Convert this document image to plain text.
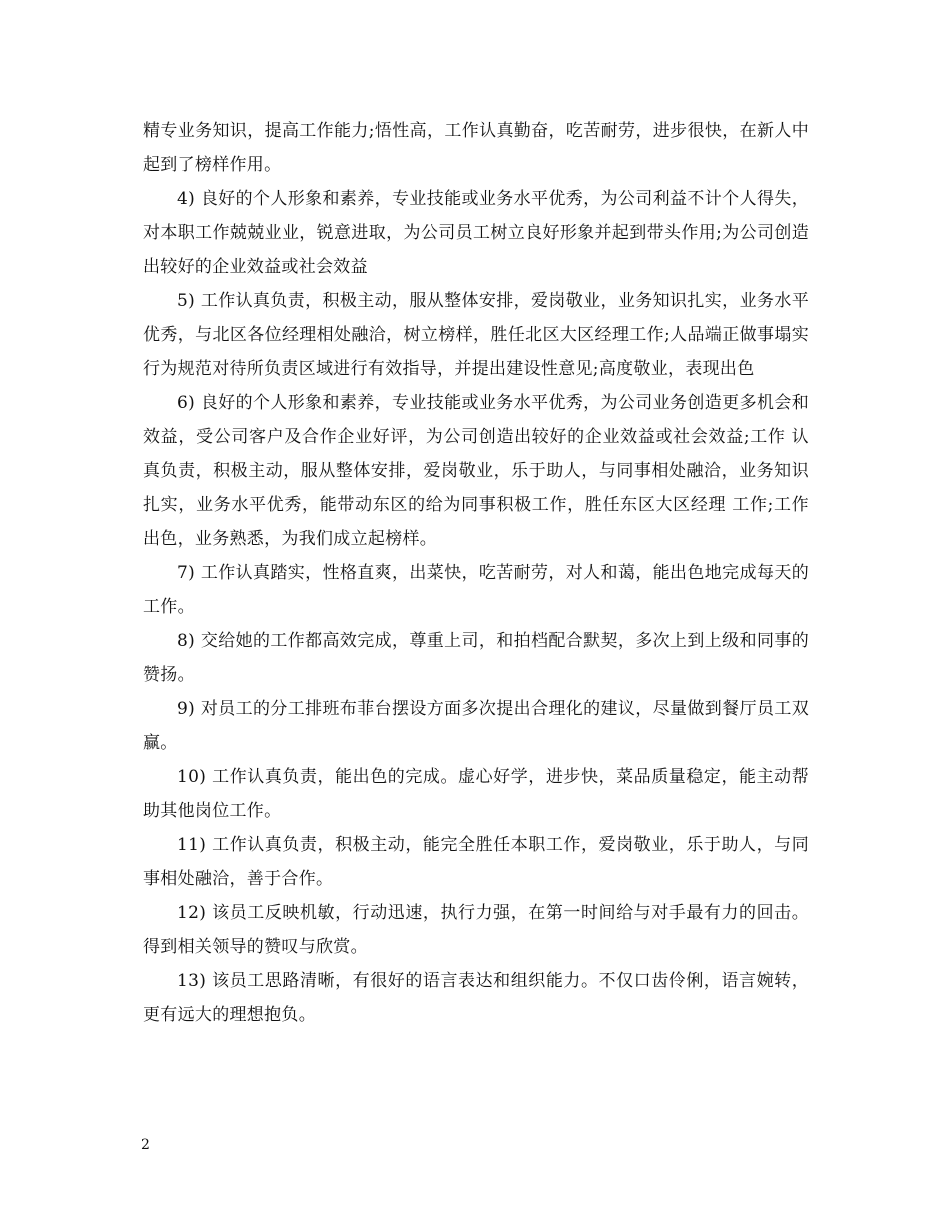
精专业务知识，提高工作能力;悟性高，工作认真勤奋，吃苦耐劳，进步很快，在新人中起到了榜样作用。

4) 良好的个人形象和素养，专业技能或业务水平优秀，为公司利益不计个人得失，对本职工作兢兢业业，锐意进取，为公司员工树立良好形象并起到带头作用;为公司创造出较好的企业效益或社会效益

5) 工作认真负责，积极主动，服从整体安排，爱岗敬业，业务知识扎实，业务水平优秀，与北区各位经理相处融洽，树立榜样，胜任北区大区经理工作;人品端正做事塌实行为规范对待所负责区域进行有效指导，并提出建设性意见;高度敬业，表现出色

6) 良好的个人形象和素养，专业技能或业务水平优秀，为公司业务创造更多机会和效益，受公司客户及合作企业好评，为公司创造出较好的企业效益或社会效益;工作 认真负责，积极主动，服从整体安排，爱岗敬业，乐于助人，与同事相处融洽，业务知识扎实，业务水平优秀，能带动东区的给为同事积极工作，胜任东区大区经理 工作;工作出色，业务熟悉，为我们成立起榜样。

7) 工作认真踏实，性格直爽，出菜快，吃苦耐劳，对人和蔼，能出色地完成每天的工作。

8) 交给她的工作都高效完成，尊重上司，和拍档配合默契，多次上到上级和同事的赞扬。

9) 对员工的分工排班布菲台摆设方面多次提出合理化的建议，尽量做到餐厅员工双赢。

10) 工作认真负责，能出色的完成。虚心好学，进步快，菜品质量稳定，能主动帮助其他岗位工作。

11) 工作认真负责，积极主动，能完全胜任本职工作，爱岗敬业，乐于助人，与同事相处融洽，善于合作。

12) 该员工反映机敏，行动迅速，执行力强，在第一时间给与对手最有力的回击。得到相关领导的赞叹与欣赏。

13) 该员工思路清晰，有很好的语言表达和组织能力。不仅口齿伶俐，语言婉转，更有远大的理想抱负。

2
